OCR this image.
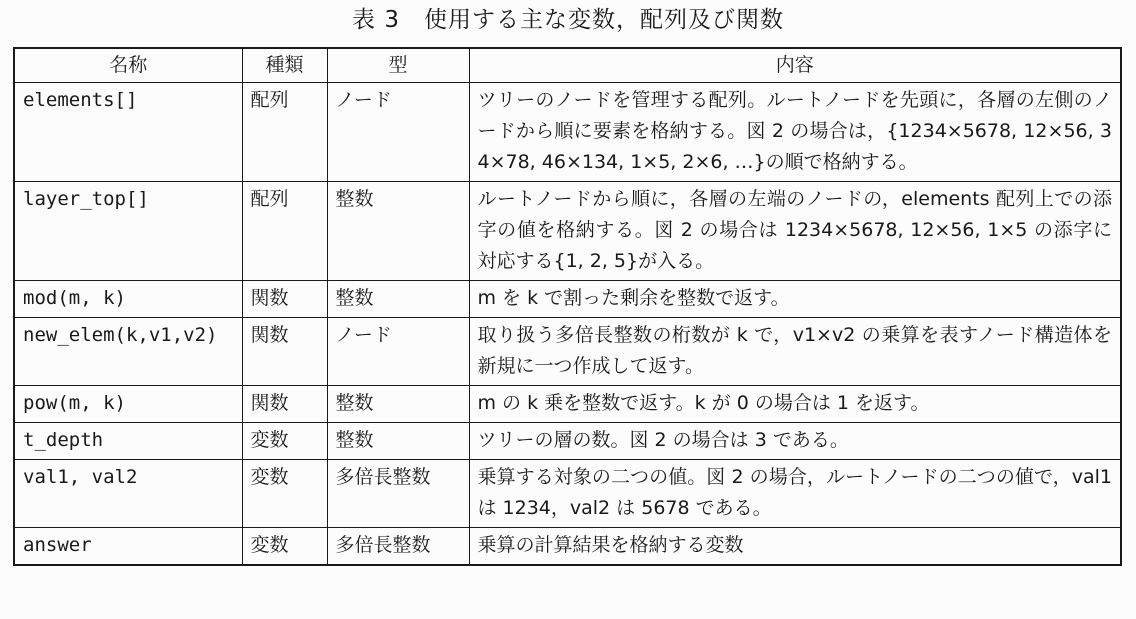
表 3　使用する主な変数，配列及び関数
名称	種類	型	内容
elements[]	配列	ノード	ツリーのノードを管理する配列。ルートノードを先頭に，各層の左側のノードから順に要素を格納する。図 2 の場合は，{1234×5678, 12×56, 34×78, 46×134, 1×5, 2×6, …}の順で格納する。
layer_top[]	配列	整数	ルートノードから順に，各層の左端のノードの，elements 配列上での添字の値を格納する。図 2 の場合は 1234×5678, 12×56, 1×5 の添字に対応する{1, 2, 5}が入る。
mod(m, k)	関数	整数	m を k で割った剰余を整数で返す。
new_elem(k,v1,v2)	関数	ノード	取り扱う多倍長整数の桁数が k で，v1×v2 の乗算を表すノード構造体を新規に一つ作成して返す。
pow(m, k)	関数	整数	m の k 乗を整数で返す。k が 0 の場合は 1 を返す。
t_depth	変数	整数	ツリーの層の数。図 2 の場合は 3 である。
val1, val2	変数	多倍長整数	乗算する対象の二つの値。図 2 の場合，ルートノードの二つの値で，val1 は 1234，val2 は 5678 である。
answer	変数	多倍長整数	乗算の計算結果を格納する変数
